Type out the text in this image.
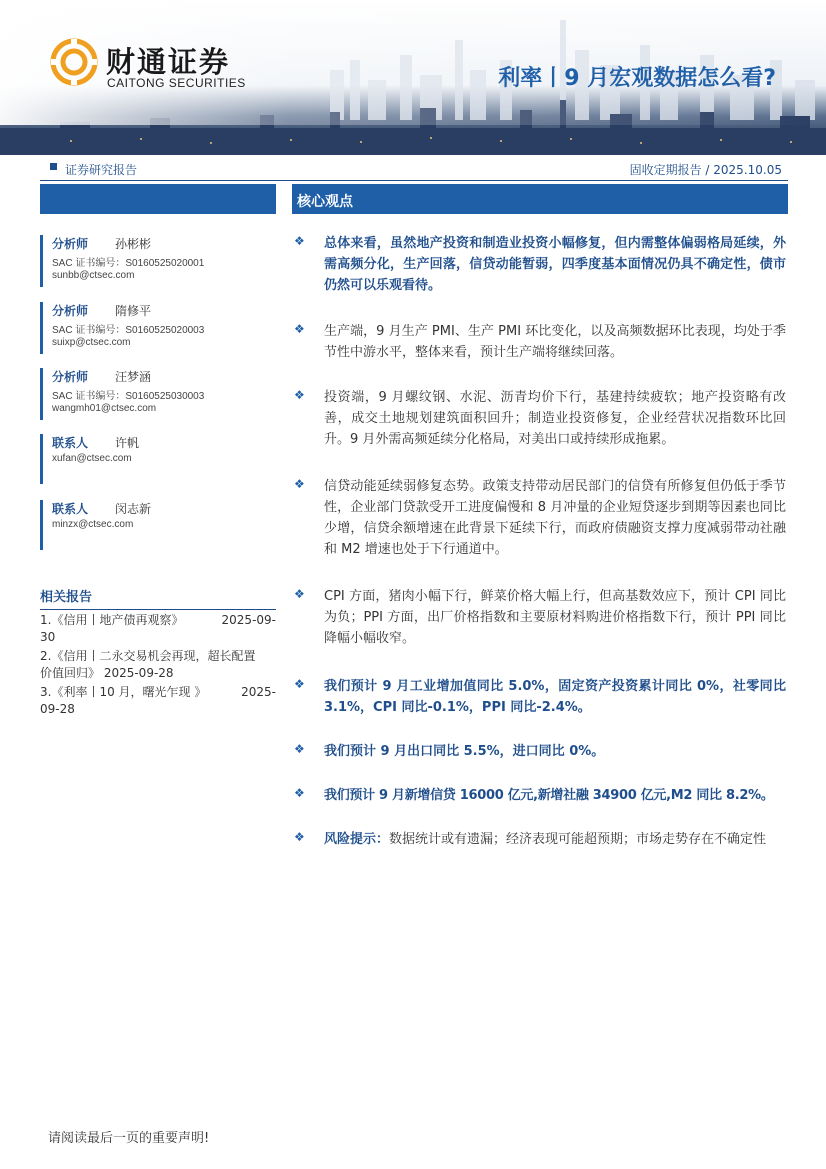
财通证券
CAITONG SECURITIES	利率丨9 月宏观数据怎么看?
证券研究报告	固收定期报告 / 2025.10.05
核心观点
分析师 孙彬彬
SAC 证书编号：S0160525020001
sunbb@ctsec.com
分析师 隋修平
SAC 证书编号：S0160525020003
suixp@ctsec.com
分析师 汪梦涵
SAC 证书编号：S0160525030003
wangmh01@ctsec.com
联系人 许帆
xufan@ctsec.com
联系人 闵志新
minzx@ctsec.com
相关报告
1.《信用丨地产债再观察》	2025-09-
30
2.《信用丨二永交易机会再现，超长配置
价值回归》 2025-09-28
3.《利率丨10 月，曙光乍现 》	2025-
09-28
❖ 总体来看，虽然地产投资和制造业投资小幅修复，但内需整体偏弱格局延续，外需高频分化，生产回落，信贷动能暂弱，四季度基本面情况仍具不确定性，债市仍然可以乐观看待。
❖ 生产端，9 月生产 PMI、生产 PMI 环比变化，以及高频数据环比表现，均处于季节性中游水平，整体来看，预计生产端将继续回落。
❖ 投资端，9 月螺纹钢、水泥、沥青均价下行，基建持续疲软；地产投资略有改善，成交土地规划建筑面积回升；制造业投资修复，企业经营状况指数环比回升。9 月外需高频延续分化格局，对美出口或持续形成拖累。
❖ 信贷动能延续弱修复态势。政策支持带动居民部门的信贷有所修复但仍低于季节性，企业部门贷款受开工进度偏慢和 8 月冲量的企业短贷逐步到期等因素也同比少增，信贷余额增速在此背景下延续下行，而政府债融资支撑力度减弱带动社融和 M2 增速也处于下行通道中。
❖ CPI 方面，猪肉小幅下行，鲜菜价格大幅上行，但高基数效应下，预计 CPI 同比为负；PPI 方面，出厂价格指数和主要原材料购进价格指数下行，预计 PPI 同比降幅小幅收窄。
❖ 我们预计 9 月工业增加值同比 5.0%，固定资产投资累计同比 0%，社零同比 3.1%，CPI 同比-0.1%，PPI 同比-2.4%。
❖ 我们预计 9 月出口同比 5.5%，进口同比 0%。
❖ 我们预计 9 月新增信贷 16000 亿元,新增社融 34900 亿元,M2 同比 8.2%。
❖ 风险提示：数据统计或有遗漏；经济表现可能超预期；市场走势存在不确定性
请阅读最后一页的重要声明!
